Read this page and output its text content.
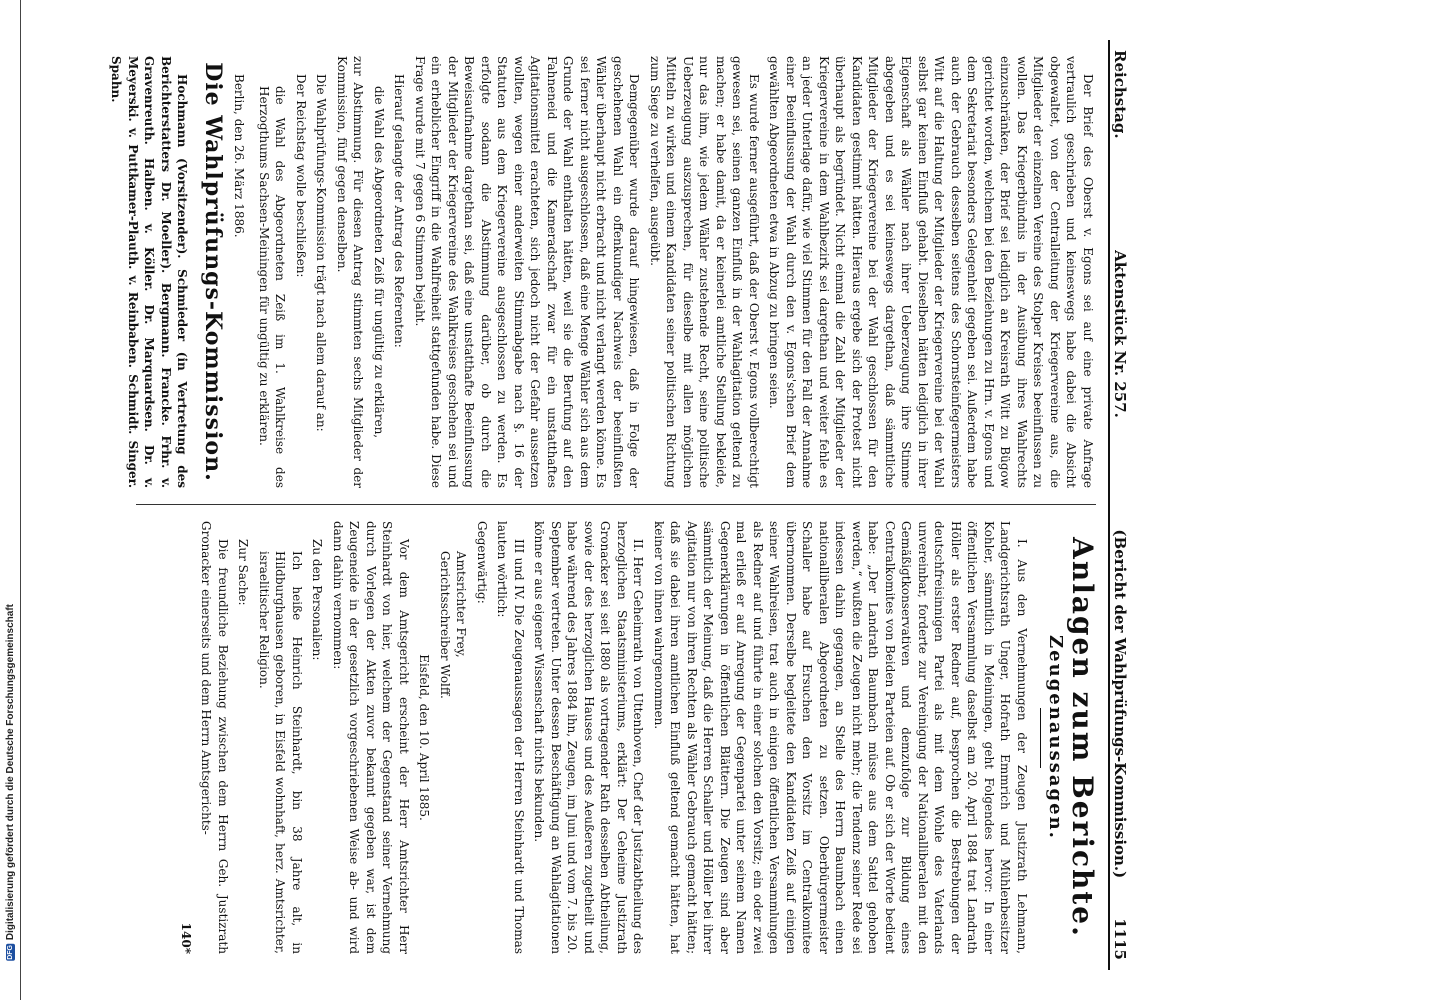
Digitalisierung gefördert durch die Deutsche Forschungsgemeinschaft
DFG
Reichstag.
Aktenstück Nr. 257.
(Bericht der Wahlprüfungs-Kommission.)
1115

Der Brief des Oberst v. Egons sei auf eine private Anfrage vertraulich geschrieben und keineswegs habe dabei die Absicht obgewaltet, von der Centralleitung der Kriegervereine aus, die Mitglieder der einzelnen Vereine des Stolper Kreises beeinflussen zu wollen. Das Kriegerbündnis in der Ausübung ihres Wahlrechts einzuschränken, der Brief sei lediglich an Kreisrath Witt zu Bügow gerichtet worden, welchem bei den Beziehungen zu Hrn. v. Egons und dem Sekretariat besonders Gelegenheit gegeben sei. Außerdem habe auch der Gebrauch desselben seitens des Schornsteinfegermeisters Witt auf die Haltung der Mitglieder der Kriegervereine bei der Wahl selbst gar keinen Einfluß gehabt. Dieselben hätten lediglich in ihrer Eigenschaft als Wähler nach ihrer Ueberzeugung ihre Stimme abgegeben und es sei keineswegs dargethan, daß sämmtliche Mitglieder der Kriegervereine bei der Wahl geschlossen für den Kandidaten gestimmt hätten. Hieraus ergebe sich der Protest nicht überhaupt als begründet. Nicht einmal die Zahl der Mitglieder der Kriegervereine in dem Wahlbezirk sei dargethan und weiter fehle es an jeder Unterlage dafür, wie viel Stimmen für den Fall der Annahme einer Beeinflussung der Wahl durch den v. Egons'schen Brief dem gewählten Abgeordneten etwa in Abzug zu bringen seien.

Es wurde ferner ausgeführt, daß der Oberst v. Egons vollberechtigt gewesen sei, seinen ganzen Einfluß in der Wahlagitation geltend zu machen; er habe damit, da er keinerlei amtliche Stellung bekleide, nur das ihm, wie jedem Wähler zustehende Recht, seine politische Ueberzeugung auszusprechen, für dieselbe mit allen möglichen Mitteln zu wirken und einem Kandidaten seiner politischen Richtung zum Siege zu verhelfen, ausgeübt.

Demgegenüber wurde darauf hingewiesen, daß in Folge der geschehenen Wahl ein offenkundiger Nachweis der beeinflußten Wähler überhaupt nicht erbracht und nicht verlangt werden könne. Es sei ferner nicht ausgeschlossen, daß eine Menge Wähler sich aus dem Grunde der Wahl enthalten hätten, weil sie die Berufung auf den Fahneneid und die Kameradschaft zwar für ein unstatthaftes Agitationsmittel erachteten, sich jedoch nicht der Gefahr aussetzen wollten, wegen einer anderweiten Stimmabgabe nach §. 16 der Statuten aus dem Kriegervereine ausgeschlossen zu werden. Es erfolgte sodann die Abstimmung darüber, ob durch die Beweisaufnahme dargethan sei, daß eine unstatthafte Beeinflussung der Mitglieder der Kriegervereine des Wahlkreises geschehen sei und ein erheblicher Eingriff in die Wahlfreiheit stattgefunden habe. Diese Frage wurde mit 7 gegen 6 Stimmen bejaht.

Hierauf gelangte der Antrag des Referenten:

die Wahl des Abgeordneten Zeiß für ungültig zu erklären,

zur Abstimmung. Für diesen Antrag stimmten sechs Mitglieder der Kommission, fünf gegen denselben.

Die Wahlprüfungs-Kommission trägt nach allem darauf an:

Der Reichstag wolle beschließen:

die Wahl des Abgeordneten Zeiß im 1. Wahlkreise des Herzogthums Sachsen-Meiningen für ungültig zu erklären.

Berlin, den 26. März 1886.

Die Wahlprüfungs-Kommission.

Hochmann (Vorsitzender). Schmieder (in Vertretung des Berichterstatters Dr. Moeller). Bergmann. Francke. Frhr. v. Gravenreuth. Halben. v. Köller. Dr. Marquardsen. Dr. v. Meyerski. v. Puttkamer-Plauth. v. Reinbaben. Schmidt. Singer. Spahn.

Anlagen zum Berichte.
Zeugenaussagen.

I. Aus den Vernehmungen der Zeugen Justizrath Lehmann, Landgerichtsrath Unger, Hofrath Emmrich und Mühlenbesitzer Kohler, sämmtlich in Meiningen, geht Folgendes hervor: In einer öffentlichen Versammlung daselbst am 20. April 1884 trat Landrath Höller als erster Redner auf, besprochen die Bestrebungen der deutschfreisinnigen Partei als mit dem Wohle des Vaterlands unvereinbar, forderte zur Vereinigung der Nationalliberalen mit den Gemäßigtkonservativen und demzufolge zur Bildung eines Centralkomites von Beiden Parteien auf. Ob er sich der Worte bedient habe: „Der Landrath Baumbach müsse aus dem Sattel gehoben werden,“ wußten die Zeugen nicht mehr; die Tendenz seiner Rede sei indessen dahin gegangen, an Stelle des Herrn Baumbach einen nationalliberalen Abgeordneten zu setzen. Oberbürgermeister Schaller habe auf Ersuchen den Vorsitz im Centralkomitee übernommen. Derselbe begleitete den Kandidaten Zeiß auf einigen seiner Wahlreisen, trat auch in einigen öffentlichen Versammlungen als Redner auf und führte in einer solchen den Vorsitz; ein oder zwei mal erließ er auf Anregung der Gegenpartei unter seinem Namen Gegenerklärungen in öffentlichen Blättern. Die Zeugen sind aber sämmtlich der Meinung, daß die Herren Schaller und Höller bei ihrer Agitation nur von ihren Rechten als Wähler Gebrauch gemacht hätten; daß sie dabei ihren amtlichen Einfluß geltend gemacht hätten, hat keiner von ihnen wahrgenommen.

II. Herr Geheimrath von Uttenhoven, Chef der Justizabtheilung des herzoglichen Staatsministeriums, erklärt: Der Geheime Justizrath Gronacker sei seit 1880 als vortragender Rath desselben Abtheilung, sowie der des herzoglichen Hauses und des Aeußeren zugetheilt und habe während des Jahres 1884 ihn, Zeugen, im Juni und vom 7. bis 20. September vertreten. Unter dessen Beschäftigung an Wahlagitationen könne er aus eigener Wissenschaft nichts bekunden.

III und IV. Die Zeugenaussagen der Herren Steinhardt und Thomas lauten wörtlich:

Gegenwärtig:

Amtsrichter Frey,

Gerichtsschreiber Wolff.

Eisfeld, den 10. April 1885.

Vor dem Amtsgericht erscheint der Herr Amtsrichter Herr Steinhardt von hier, welchem der Gegenstand seiner Vernehmung durch Vorlegen der Akten zuvor bekannt gegeben war, ist dem Zeugeneide in der gesetzlich vorgeschriebenen Weise ab- und wird dann dahin vernommen:

Zu den Personalien:

Ich heiße Heinrich Steinhardt, bin 38 Jahre alt, in Hildburghausen geboren, in Eisfeld wohnhaft, herz. Amtsrichter, israelitischer Religion.

Zur Sache:

Die freundliche Beziehung zwischen dem Herrn Geh. Justizrath Gronacker einerseits und dem Herrn Amtsgerichts-

140*
